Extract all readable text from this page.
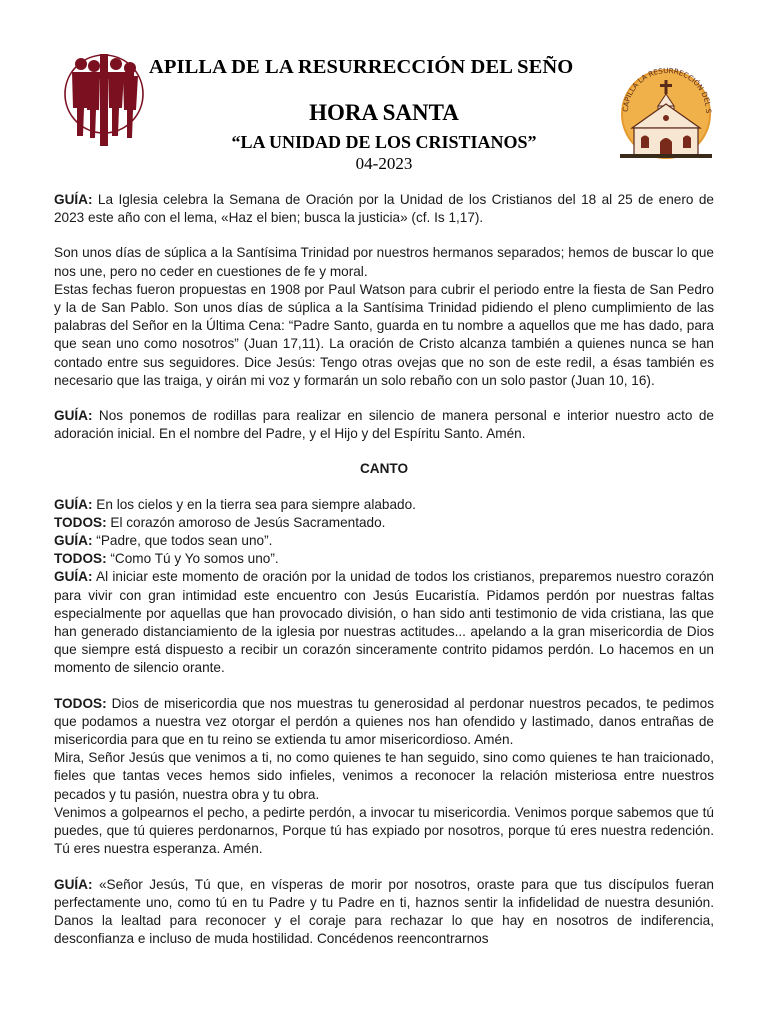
CAPILLA LA RESURRECCIÓN DEL S
APILLA DE LA RESURRECCIÓN DEL SEÑO
HORA SANTA
“LA UNIDAD DE LOS CRISTIANOS”
04-2023

GUÍA: La Iglesia celebra la Semana de Oración por la Unidad de los Cristianos del 18 al 25 de enero de 2023 este año con el lema, «Haz el bien; busca la justicia» (cf. Is 1,17).

Son unos días de súplica a la Santísima Trinidad por nuestros hermanos separados; hemos de buscar lo que nos une, pero no ceder en cuestiones de fe y moral.

Estas fechas fueron propuestas en 1908 por Paul Watson para cubrir el periodo entre la fiesta de San Pedro y la de San Pablo. Son unos días de súplica a la Santísima Trinidad pidiendo el pleno cumplimiento de las palabras del Señor en la Última Cena: “Padre Santo, guarda en tu nombre a aquellos que me has dado, para que sean uno como nosotros” (Juan 17,11). La oración de Cristo alcanza también a quienes nunca se han contado entre sus seguidores. Dice Jesús: Tengo otras ovejas que no son de este redil, a ésas también es necesario que las traiga, y oirán mi voz y formarán un solo rebaño con un solo pastor (Juan 10, 16).

GUÍA: Nos ponemos de rodillas para realizar en silencio de manera personal e interior nuestro acto de adoración inicial. En el nombre del Padre, y el Hijo y del Espíritu Santo. Amén.

CANTO

GUÍA: En los cielos y en la tierra sea para siempre alabado.

TODOS: El corazón amoroso de Jesús Sacramentado.

GUÍA: “Padre, que todos sean uno”.

TODOS: “Como Tú y Yo somos uno”.

GUÍA: Al iniciar este momento de oración por la unidad de todos los cristianos, preparemos nuestro corazón para vivir con gran intimidad este encuentro con Jesús Eucaristía. Pidamos perdón por nuestras faltas especialmente por aquellas que han provocado división, o han sido anti testimonio de vida cristiana, las que han generado distanciamiento de la iglesia por nuestras actitudes... apelando a la gran misericordia de Dios que siempre está dispuesto a recibir un corazón sinceramente contrito pidamos perdón. Lo hacemos en un momento de silencio orante.

TODOS: Dios de misericordia que nos muestras tu generosidad al perdonar nuestros pecados, te pedimos que podamos a nuestra vez otorgar el perdón a quienes nos han ofendido y lastimado, danos entrañas de misericordia para que en tu reino se extienda tu amor misericordioso. Amén.

Mira, Señor Jesús que venimos a ti, no como quienes te han seguido, sino como quienes te han traicionado, fieles que tantas veces hemos sido infieles, venimos a reconocer la relación misteriosa entre nuestros pecados y tu pasión, nuestra obra y tu obra.

Venimos a golpearnos el pecho, a pedirte perdón, a invocar tu misericordia. Venimos porque sabemos que tú puedes, que tú quieres perdonarnos, Porque tú has expiado por nosotros, porque tú eres nuestra redención. Tú eres nuestra esperanza. Amén.

GUÍA: «Señor Jesús, Tú que, en vísperas de morir por nosotros, oraste para que tus discípulos fueran perfectamente uno, como tú en tu Padre y tu Padre en ti, haznos sentir la infidelidad de nuestra desunión. Danos la lealtad para reconocer y el coraje para rechazar lo que hay en nosotros de indiferencia, desconfianza e incluso de muda hostilidad. Concédenos reencontrarnos
